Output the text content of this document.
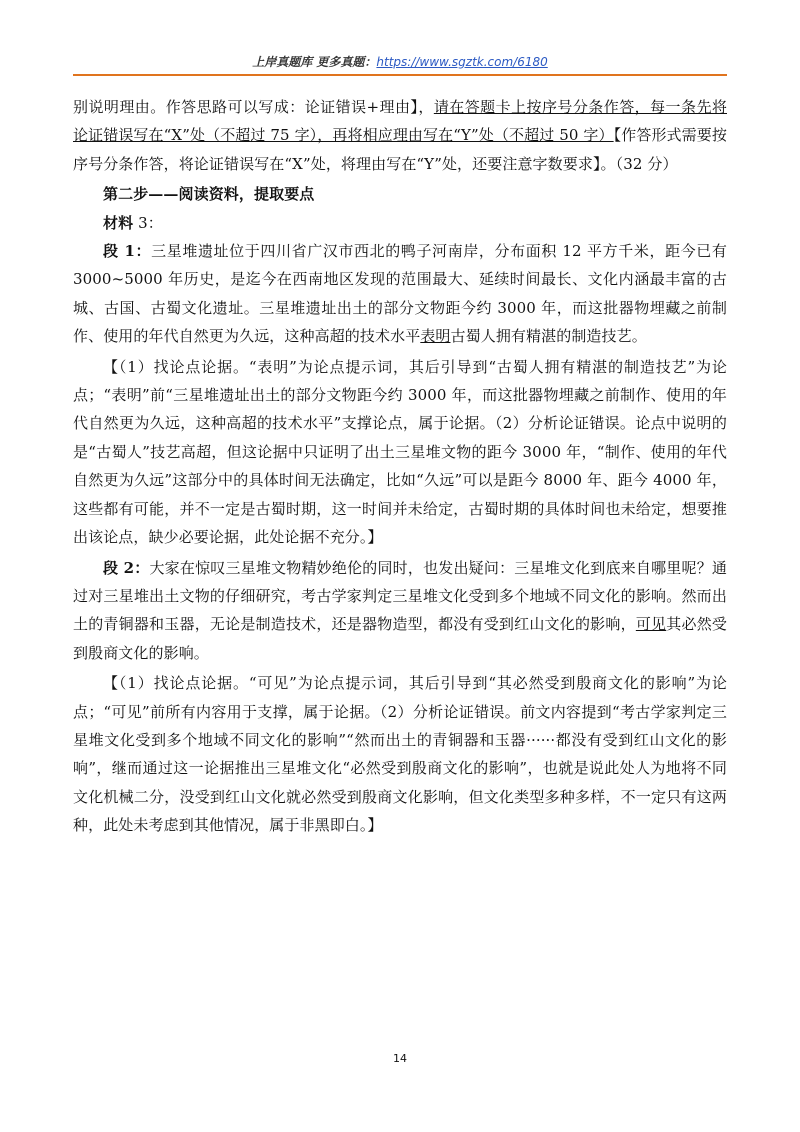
上岸真题库 更多真题：https://www.sgztk.com/6180

别说明理由。作答思路可以写成：论证错误+理由】，请在答题卡上按序号分条作答，每一条先将论证错误写在“X”处（不超过 75 字），再将相应理由写在“Y”处（不超过 50 字）【作答形式需要按序号分条作答，将论证错误写在“X”处，将理由写在“Y”处，还要注意字数要求】。（32 分）

第二步——阅读资料，提取要点

材料 3：

段 1：三星堆遗址位于四川省广汉市西北的鸭子河南岸，分布面积 12 平方千米，距今已有 3000~5000 年历史，是迄今在西南地区发现的范围最大、延续时间最长、文化内涵最丰富的古城、古国、古蜀文化遗址。三星堆遗址出土的部分文物距今约 3000 年，而这批器物埋藏之前制作、使用的年代自然更为久远，这种高超的技术水平表明古蜀人拥有精湛的制造技艺。

【（1）找论点论据。“表明”为论点提示词，其后引导到“古蜀人拥有精湛的制造技艺”为论点；“表明”前“三星堆遗址出土的部分文物距今约 3000 年，而这批器物埋藏之前制作、使用的年代自然更为久远，这种高超的技术水平”支撑论点，属于论据。（2）分析论证错误。论点中说明的是“古蜀人”技艺高超，但这论据中只证明了出土三星堆文物的距今 3000 年，“制作、使用的年代自然更为久远”这部分中的具体时间无法确定，比如“久远”可以是距今 8000 年、距今 4000 年，这些都有可能，并不一定是古蜀时期，这一时间并未给定，古蜀时期的具体时间也未给定，想要推出该论点，缺少必要论据，此处论据不充分。】

段 2：大家在惊叹三星堆文物精妙绝伦的同时，也发出疑问：三星堆文化到底来自哪里呢？通过对三星堆出土文物的仔细研究，考古学家判定三星堆文化受到多个地域不同文化的影响。然而出土的青铜器和玉器，无论是制造技术，还是器物造型，都没有受到红山文化的影响，可见其必然受到殷商文化的影响。

【（1）找论点论据。“可见”为论点提示词，其后引导到“其必然受到殷商文化的影响”为论点；“可见”前所有内容用于支撑，属于论据。（2）分析论证错误。前文内容提到“考古学家判定三星堆文化受到多个地域不同文化的影响”“然而出土的青铜器和玉器······都没有受到红山文化的影响”，继而通过这一论据推出三星堆文化“必然受到殷商文化的影响”，也就是说此处人为地将不同文化机械二分，没受到红山文化就必然受到殷商文化影响，但文化类型多种多样，不一定只有这两种，此处未考虑到其他情况，属于非黑即白。】

14
